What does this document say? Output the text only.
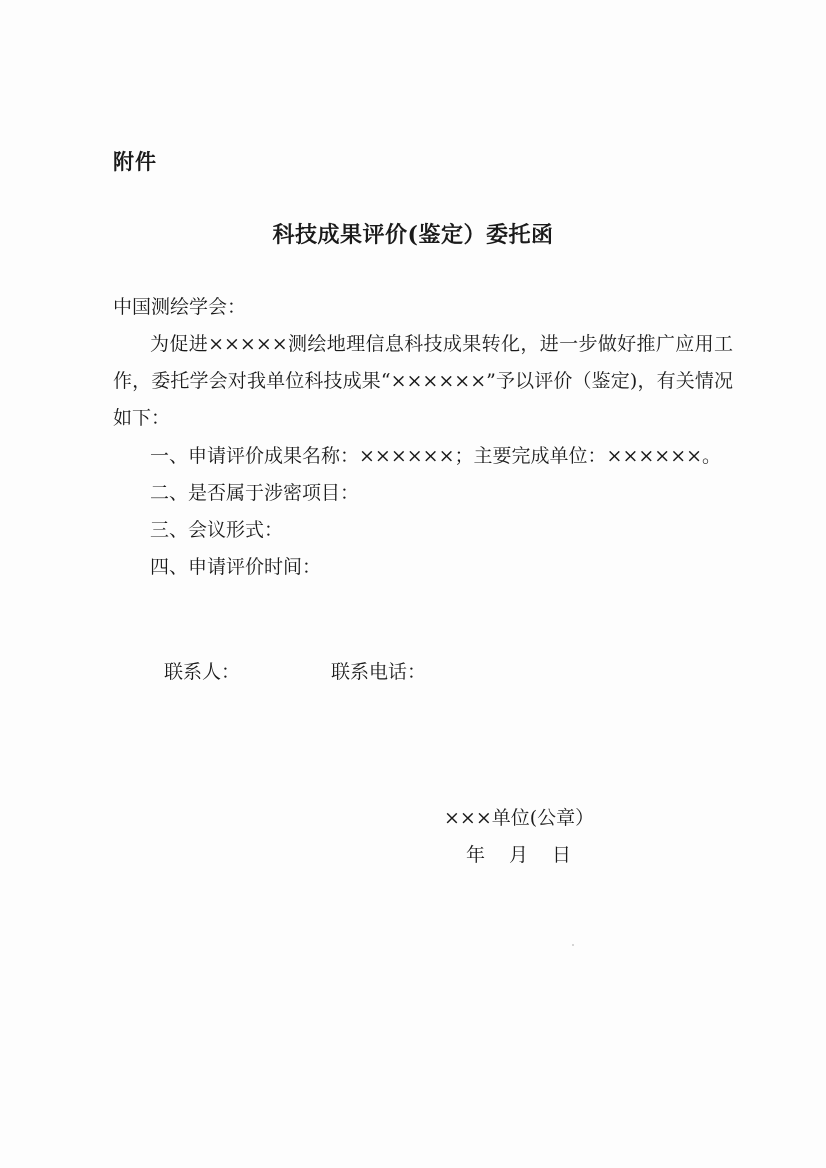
附件
科技成果评价(鉴定）委托函
中国测绘学会：

为促进×××××测绘地理信息科技成果转化，进一步做好推广应用工作，委托学会对我单位科技成果“××××××”予以评价（鉴定)，有关情况如下：

一、申请评价成果名称：××××××；主要完成单位：××××××。
二、是否属于涉密项目：
三、会议形式：
四、申请评价时间：
联系人：	联系电话：
×××单位(公章）
年 月 日
